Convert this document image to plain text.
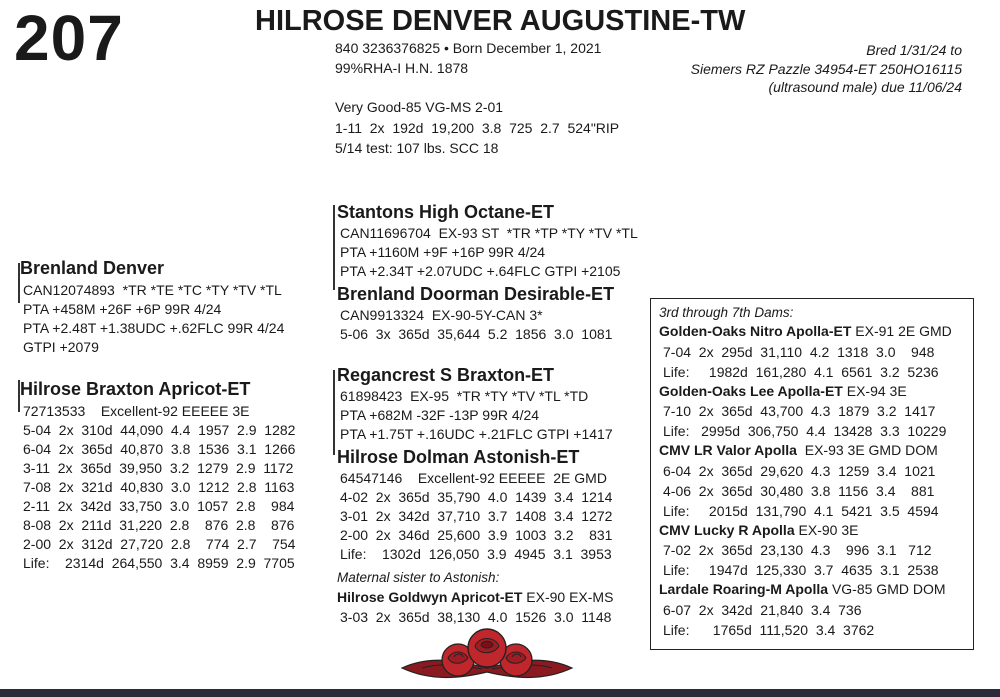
207	HILROSE DENVER AUGUSTINE-TW
840 3236376825 • Born December 1, 2021
99%RHA-I H.N. 1878
Very Good-85 VG-MS 2-01
1-11  2x  192d  19,200  3.8  725  2.7  524"RIP
5/14 test: 107 lbs. SCC 18
Bred 1/31/24 to
Siemers RZ Pazzle 34954-ET 250HO16115
(ultrasound male) due 11/06/24
Brenland Denver
CAN12074893  *TR *TE *TC *TY *TV *TL
PTA +458M +26F +6P 99R 4/24
PTA +2.48T +1.38UDC +.62FLC 99R 4/24
GTPI +2079
Stantons High Octane-ET
CAN11696704  EX-93 ST  *TR *TP *TY *TV *TL
PTA +1160M +9F +16P 99R 4/24
PTA +2.34T +2.07UDC +.64FLC GTPI +2105
Brenland Doorman Desirable-ET
CAN9913324  EX-90-5Y-CAN 3*
5-06  3x  365d  35,644  5.2  1856  3.0  1081
Hilrose Braxton Apricot-ET
72713533    Excellent-92 EEEEE 3E
5-04  2x  310d  44,090  4.4  1957  2.9  1282
6-04  2x  365d  40,870  3.8  1536  3.1  1266
3-11  2x  365d  39,950  3.2  1279  2.9  1172
7-08  2x  321d  40,830  3.0  1212  2.8  1163
2-11  2x  342d  33,750  3.0  1057  2.8    984
8-08  2x  211d  31,220  2.8    876  2.8    876
2-00  2x  312d  27,720  2.8    774  2.7    754
Life:    2314d  264,550  3.4  8959  2.9  7705
Regancrest S Braxton-ET
61898423  EX-95  *TR *TY *TV *TL *TD
PTA +682M -32F -13P 99R 4/24
PTA +1.75T +.16UDC +.21FLC GTPI +1417
Hilrose Dolman Astonish-ET
64547146    Excellent-92 EEEEE  2E GMD
4-02  2x  365d  35,790  4.0  1439  3.4  1214
3-01  2x  342d  37,710  3.7  1408  3.4  1272
2-00  2x  346d  25,600  3.9  1003  3.2    831
Life:    1302d  126,050  3.9  4945  3.1  3953
Maternal sister to Astonish:
Hilrose Goldwyn Apricot-ET EX-90 EX-MS
3-03  2x  365d  38,130  4.0  1526  3.0  1148
3rd through 7th Dams:
Golden-Oaks Nitro Apolla-ET EX-91 2E GMD
7-04  2x  295d  31,110  4.2  1318  3.0    948
Life:     1982d  161,280  4.1  6561  3.2  5236
Golden-Oaks Lee Apolla-ET EX-94 3E
7-10  2x  365d  43,700  4.3  1879  3.2  1417
Life:   2995d  306,750  4.4  13428  3.3  10229
CMV LR Valor Apolla  EX-93 3E GMD DOM
6-04  2x  365d  29,620  4.3  1259  3.4  1021
4-06  2x  365d  30,480  3.8  1156  3.4    881
Life:     2015d  131,790  4.1  5421  3.5  4594
CMV Lucky R Apolla EX-90 3E
7-02  2x  365d  23,130  4.3    996  3.1   712
Life:     1947d  125,330  3.7  4635  3.1  2538
Lardale Roaring-M Apolla VG-85 GMD DOM
6-07  2x  342d  21,840  3.4  736
Life:      1765d  111,520  3.4  3762
